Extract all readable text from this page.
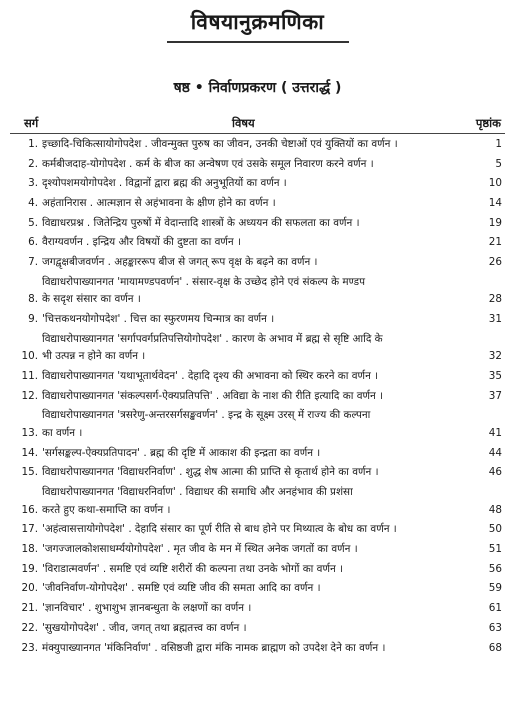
विषयानुक्रमणिका
षष्ठ • निर्वाणप्रकरण ( उत्तरार्द्ध )
सर्ग	विषय	पृष्ठांक
1. इच्छादि-चिकित्सायोगोपदेश . जीवन्मुक्त पुरुष का जीवन, उनकी चेष्टाओं एवं युक्तियों का वर्णन ।	1
2. कर्मबीजदाह-योगोपदेश . कर्म के बीज का अन्वेषण एवं उसके समूल निवारण करने वर्णन ।	5
3. दृश्योपशमयोगोपदेश . विद्वानों द्वारा ब्रह्म की अनुभूतियों का वर्णन ।	10
4. अहंतानिरास . आत्मज्ञान से अहंभावना के क्षीण होने का वर्णन ।	14
5. विद्याधरप्रश्न . जितेन्द्रिय पुरुषों में वेदान्तादि शास्त्रों के अध्ययन की सफलता का वर्णन ।	19
6. वैराग्यवर्णन . इन्द्रिय और विषयों की दुष्टता का वर्णन ।	21
7. जगद्वृक्षबीजवर्णन . अहङ्कार‍रूप बीज से जगत् रूप वृक्ष के बढ़ने का वर्णन ।	26
8.
विद्याधरोपाख्यानगत 'मायामण्डपवर्णन' . संसार-वृक्ष के उच्छेद होने एवं संकल्प के मण्डप
के सदृश संसार का वर्णन ।	28
9. 'चित्तकथनयोगोपदेश' . चित्त का स्फुरणमय चिन्मात्र का वर्णन ।	31
10.
विद्याधरोपाख्यानगत 'सर्गापवर्गप्रतिपत्तियोगोपदेश' . कारण के अभाव में ब्रह्म से सृष्टि आदि के
भी उत्पन्न न होने का वर्णन ।	32
11. विद्याधरोपाख्यानगत 'यथाभूतार्थवेदन' . देहादि दृश्य की अभावना को स्थिर करने का वर्णन ।	35
12. विद्याधरोपाख्यानगत 'संकल्पसर्ग-ऐक्यप्रतिपत्ति' . अविद्या के नाश की रीति इत्यादि का वर्णन ।	37
13.
विद्याधरोपाख्यानगत 'त्रसरेणु-अन्तरसर्गसङ्खवर्णन' . इन्द्र के सूक्ष्म उरस् में राज्य की कल्पना
का वर्णन ।	41
14. 'सर्गसङ्कल्प-ऐक्यप्रतिपादन' . ब्रह्म की दृष्टि में आकाश की इन्द्रता का वर्णन ।	44
15. विद्याधरोपाख्यानगत 'विद्याधरनिर्वाण' . शुद्ध शेष आत्मा की प्राप्ति से कृतार्थ होने का वर्णन ।	46
16.
विद्याधरोपाख्यानगत 'विद्याधरनिर्वाण' . विद्याधर की समाधि और अनहंभाव की प्रशंसा
करते हुए कथा-समाप्ति का वर्णन ।	48
17. 'अहंत्वासत्तायोगोपदेश' . देहादि संसार का पूर्ण रीति से बाध होने पर मिथ्यात्व के बोध का वर्णन ।	50
18. 'जगज्जालकोशसाधर्म्ययोगोपदेश' . मृत जीव के मन में स्थित अनेक जगतों का वर्णन ।	51
19. 'विराडात्मवर्णन' . समष्टि एवं व्यष्टि शरीरों की कल्पना तथा उनके भोगों का वर्णन ।	56
20. 'जीवनिर्वाण-योगोपदेश' . समष्टि एवं व्यष्टि जीव की समता आदि का वर्णन ।	59
21. 'ज्ञानविचार' . शुभाशुभ ज्ञानबन्धुता के लक्षणों का वर्णन ।	61
22. 'सुखयोगोपदेश' . जीव, जगत् तथा ब्रह्मतत्त्व का वर्णन ।	63
23. मंक्युपाख्यानगत 'मंकिनिर्वाण' . वसिष्ठजी द्वारा मंकि नामक ब्राह्मण को उपदेश देने का वर्णन ।	68
